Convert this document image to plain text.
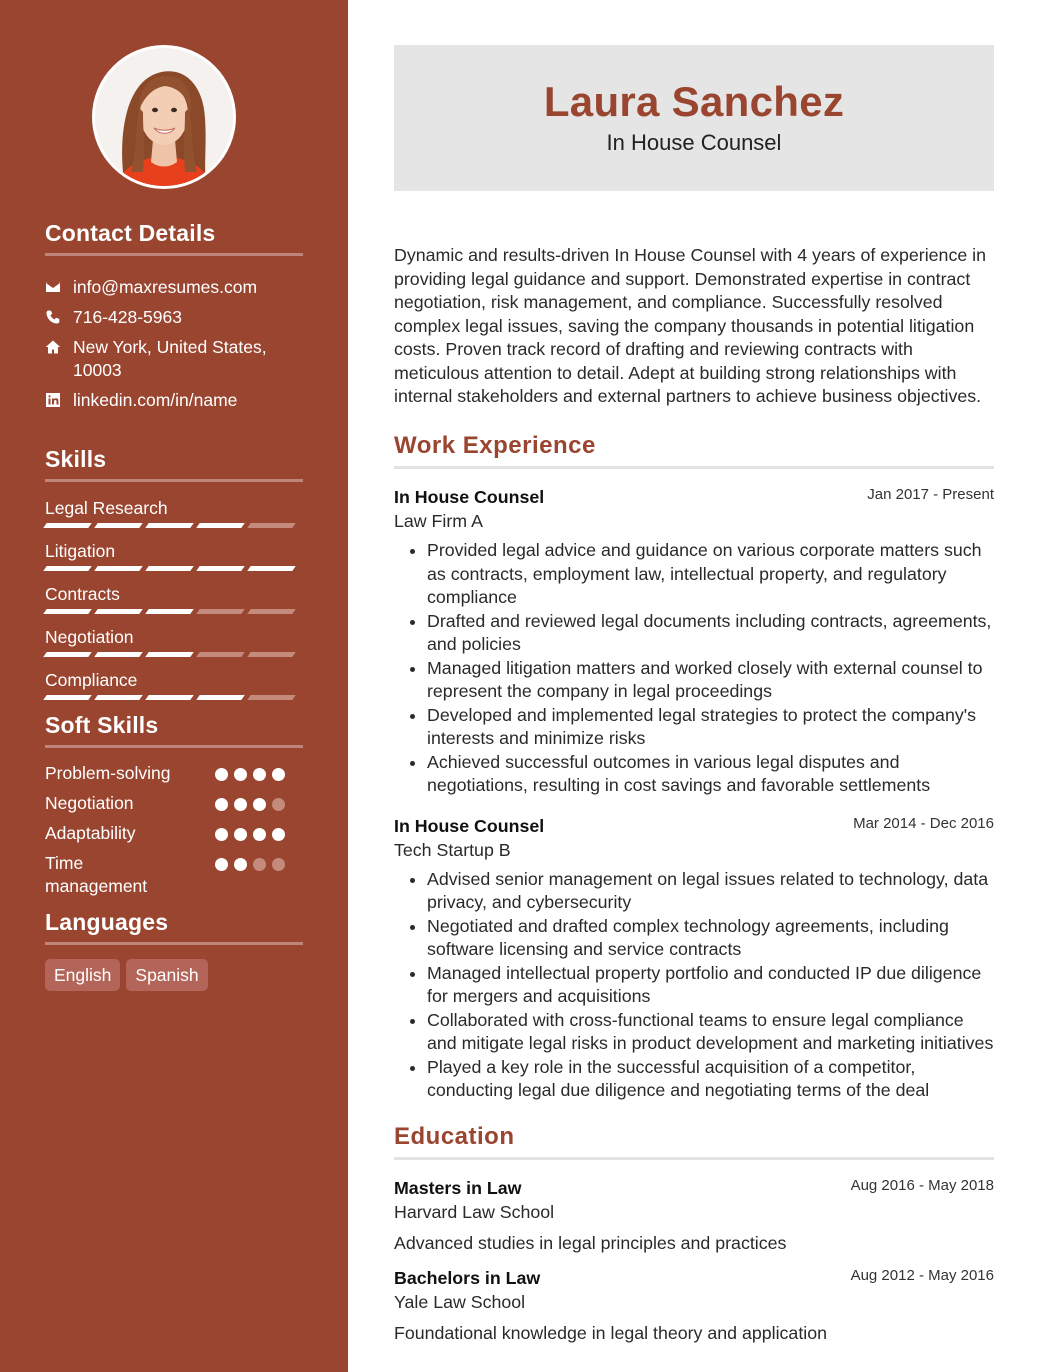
Contact Details
info@maxresumes.com
716-428-5963
New York, United States, 10003
linkedin.com/in/name
Skills
Legal Research
Litigation
Contracts
Negotiation
Compliance
Soft Skills
Problem-solving
Negotiation
Adaptability
Time management
Languages
English	Spanish
Laura Sanchez
In House Counsel

Dynamic and results-driven In House Counsel with 4 years of experience in providing legal guidance and support. Demonstrated expertise in contract negotiation, risk management, and compliance. Successfully resolved complex legal issues, saving the company thousands in potential litigation costs. Proven track record of drafting and reviewing contracts with meticulous attention to detail. Adept at building strong relationships with internal stakeholders and external partners to achieve business objectives.

Work Experience
In House Counsel	Jan 2017 - Present
Law Firm A
• Provided legal advice and guidance on various corporate matters such as contracts, employment law, intellectual property, and regulatory compliance
• Drafted and reviewed legal documents including contracts, agreements, and policies
• Managed litigation matters and worked closely with external counsel to represent the company in legal proceedings
• Developed and implemented legal strategies to protect the company's interests and minimize risks
• Achieved successful outcomes in various legal disputes and negotiations, resulting in cost savings and favorable settlements
In House Counsel	Mar 2014 - Dec 2016
Tech Startup B
• Advised senior management on legal issues related to technology, data privacy, and cybersecurity
• Negotiated and drafted complex technology agreements, including software licensing and service contracts
• Managed intellectual property portfolio and conducted IP due diligence for mergers and acquisitions
• Collaborated with cross-functional teams to ensure legal compliance and mitigate legal risks in product development and marketing initiatives
• Played a key role in the successful acquisition of a competitor, conducting legal due diligence and negotiating terms of the deal
Education
Masters in Law	Aug 2016 - May 2018
Harvard Law School
Advanced studies in legal principles and practices
Bachelors in Law	Aug 2012 - May 2016
Yale Law School
Foundational knowledge in legal theory and application
